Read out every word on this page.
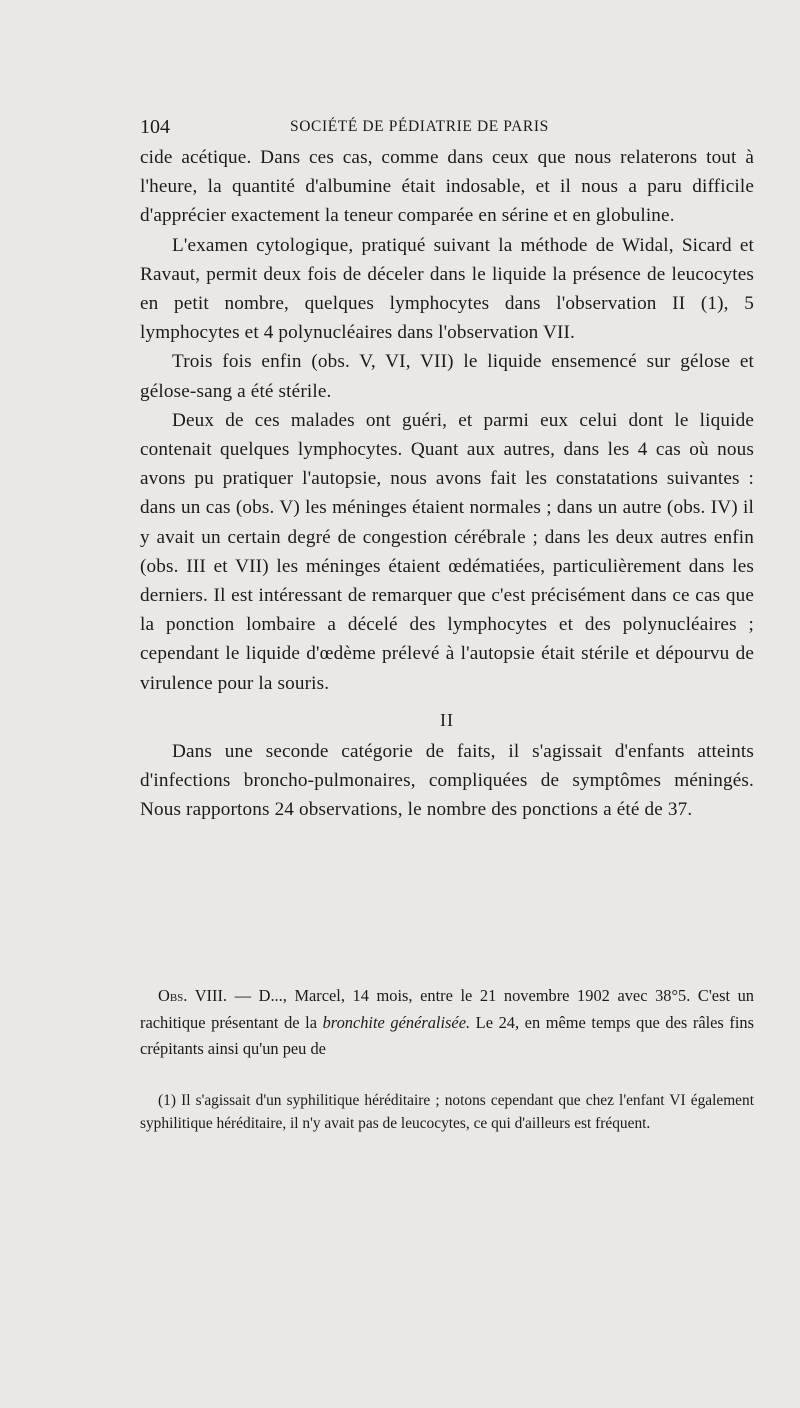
104	SOCIÉTÉ DE PÉDIATRIE DE PARIS

cide acétique. Dans ces cas, comme dans ceux que nous relaterons tout à l'heure, la quantité d'albumine était indosable, et il nous a paru difficile d'apprécier exactement la teneur comparée en sérine et en globuline.

L'examen cytologique, pratiqué suivant la méthode de Widal, Sicard et Ravaut, permit deux fois de déceler dans le liquide la présence de leucocytes en petit nombre, quelques lymphocytes dans l'observation II (1), 5 lymphocytes et 4 polynucléaires dans l'observation VII.

Trois fois enfin (obs. V, VI, VII) le liquide ensemencé sur gélose et gélose-sang a été stérile.

Deux de ces malades ont guéri, et parmi eux celui dont le liquide contenait quelques lymphocytes. Quant aux autres, dans les 4 cas où nous avons pu pratiquer l'autopsie, nous avons fait les constatations suivantes : dans un cas (obs. V) les méninges étaient normales ; dans un autre (obs. IV) il y avait un certain degré de congestion cérébrale ; dans les deux autres enfin (obs. III et VII) les méninges étaient œdématiées, particulièrement dans les derniers. Il est intéressant de remarquer que c'est précisément dans ce cas que la ponction lombaire a décelé des lymphocytes et des polynucléaires ; cependant le liquide d'œdème prélevé à l'autopsie était stérile et dépourvu de virulence pour la souris.

II

Dans une seconde catégorie de faits, il s'agissait d'enfants atteints d'infections broncho-pulmonaires, compliquées de symptômes méningés. Nous rapportons 24 observations, le nombre des ponctions a été de 37.

Obs. VIII. — D..., Marcel, 14 mois, entre le 21 novembre 1902 avec 38°5. C'est un rachitique présentant de la bronchite généralisée. Le 24, en même temps que des râles fins crépitants ainsi qu'un peu de
(1) Il s'agissait d'un syphilitique héréditaire ; notons cependant que chez l'enfant VI également syphilitique héréditaire, il n'y avait pas de leucocytes, ce qui d'ailleurs est fréquent.
